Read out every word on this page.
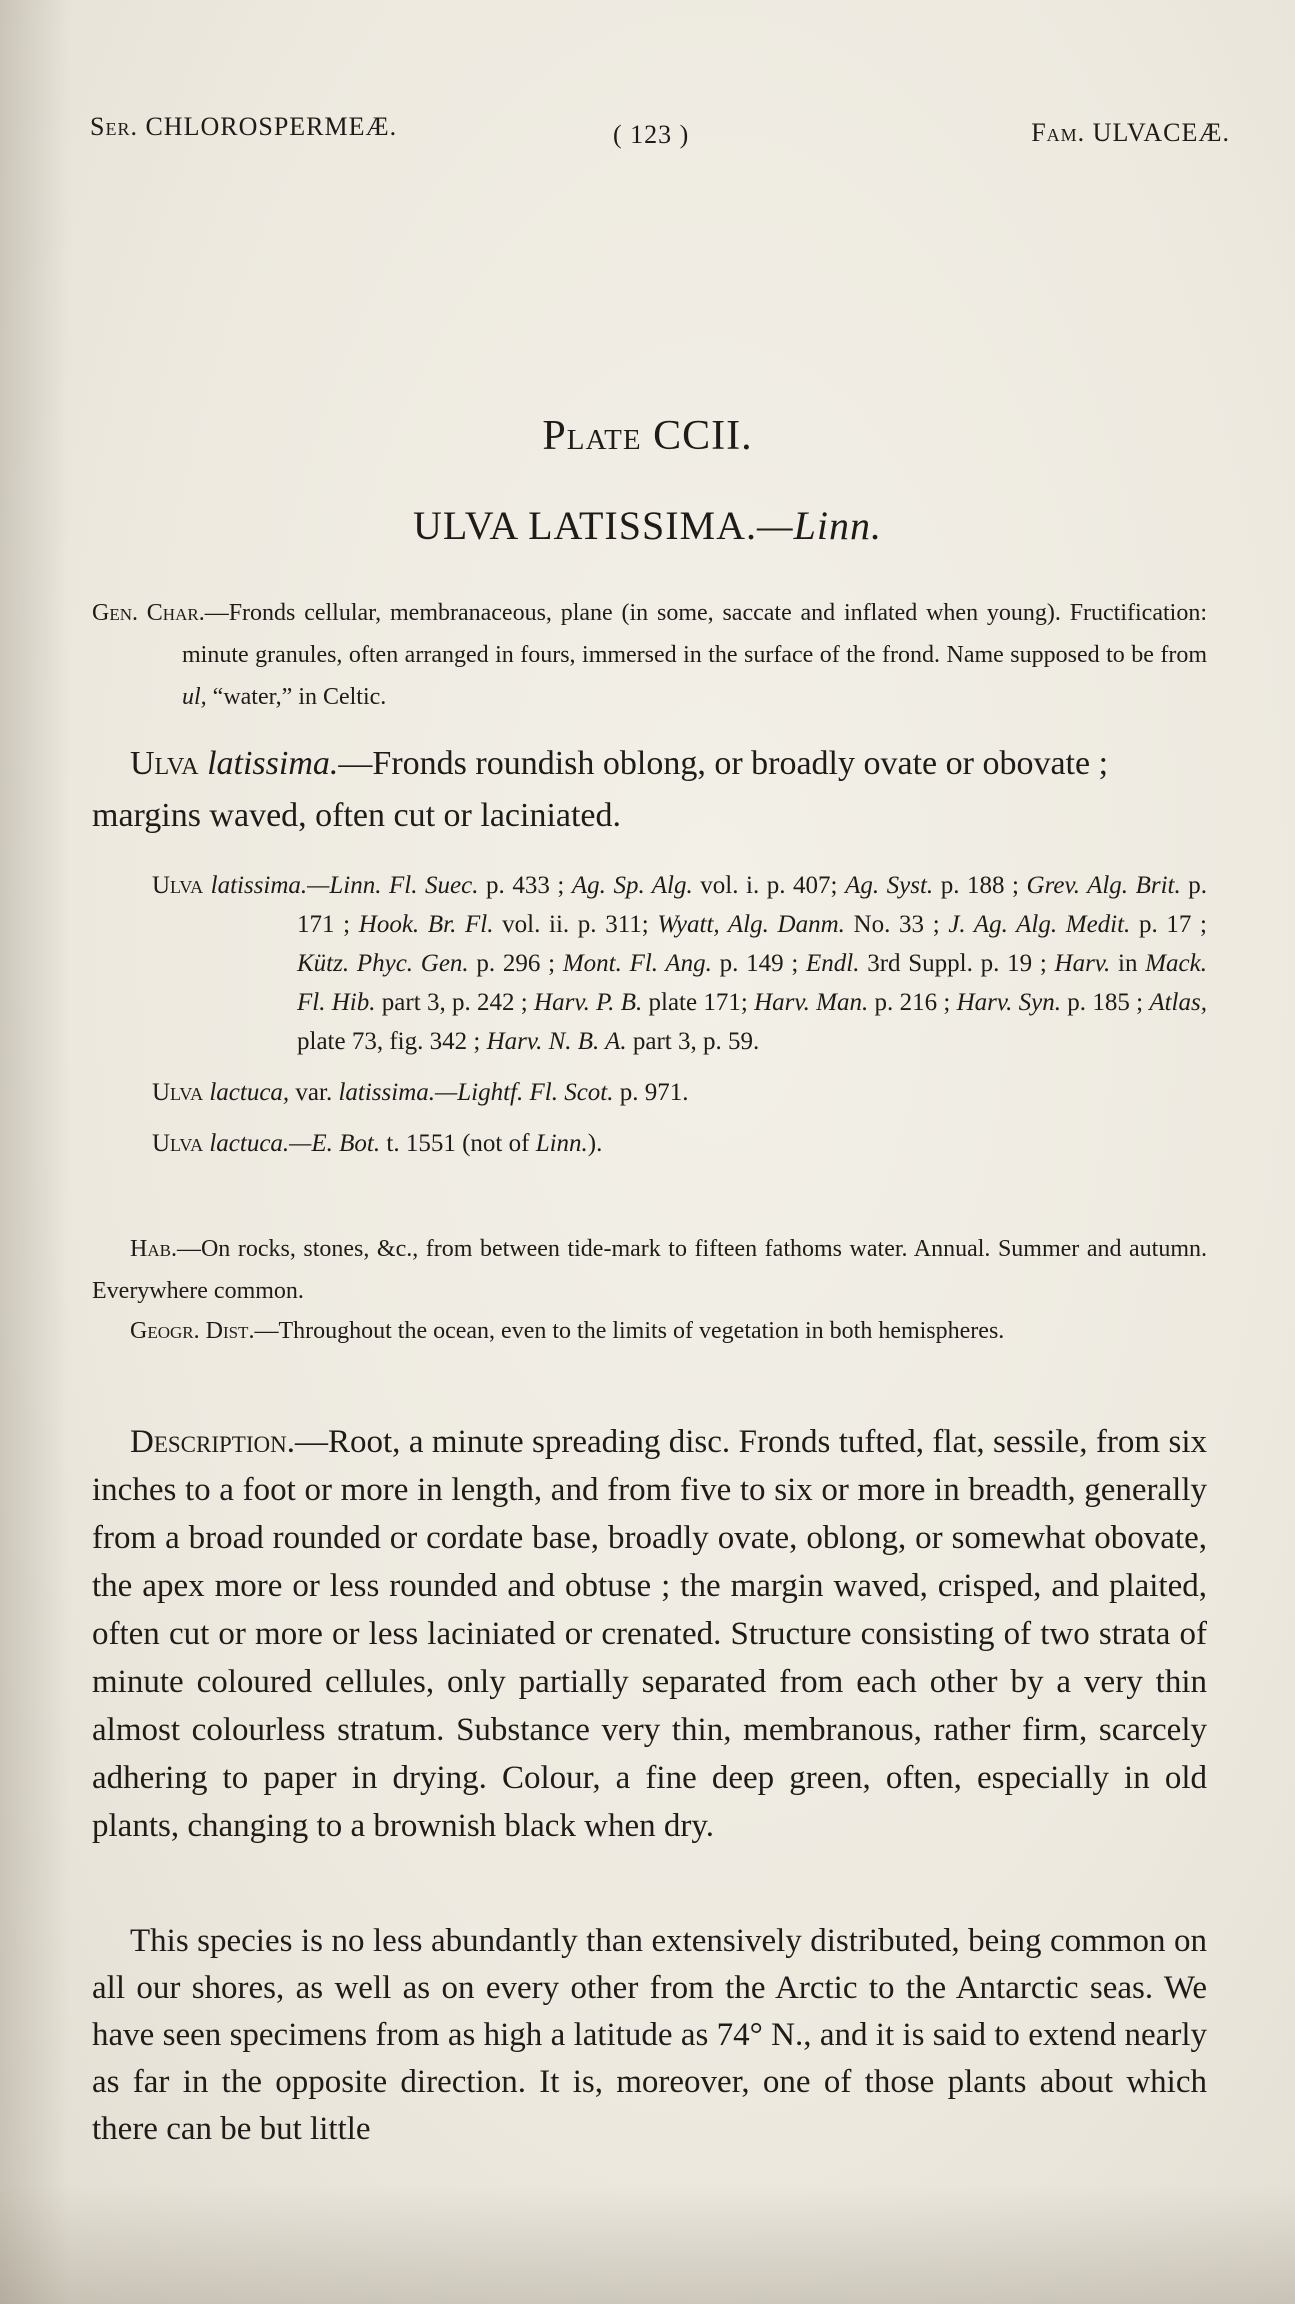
Ser. CHLOROSPERMEÆ.	( 123 )	Fam. ULVACEÆ.
Plate CCII.
ULVA LATISSIMA.—Linn.
Gen. Char.—Fronds cellular, membranaceous, plane (in some, saccate and inflated when young). Fructification: minute granules, often arranged in fours, immersed in the surface of the frond. Name supposed to be from ul, “water,” in Celtic.
Ulva latissima.—Fronds roundish oblong, or broadly ovate or obovate ; margins waved, often cut or laciniated.
Ulva latissima.—Linn. Fl. Suec. p. 433 ; Ag. Sp. Alg. vol. i. p. 407; Ag. Syst. p. 188 ; Grev. Alg. Brit. p. 171 ; Hook. Br. Fl. vol. ii. p. 311; Wyatt, Alg. Danm. No. 33 ; J. Ag. Alg. Medit. p. 17 ; Kütz. Phyc. Gen. p. 296 ; Mont. Fl. Ang. p. 149 ; Endl. 3rd Suppl. p. 19 ; Harv. in Mack. Fl. Hib. part 3, p. 242 ; Harv. P. B. plate 171; Harv. Man. p. 216 ; Harv. Syn. p. 185 ; Atlas, plate 73, fig. 342 ; Harv. N. B. A. part 3, p. 59.
Ulva lactuca, var. latissima.—Lightf. Fl. Scot. p. 971.
Ulva lactuca.—E. Bot. t. 1551 (not of Linn.).
Hab.—On rocks, stones, &c., from between tide-mark to fifteen fathoms water. Annual. Summer and autumn. Everywhere common.
Geogr. Dist.—Throughout the ocean, even to the limits of vegetation in both hemispheres.
Description.—Root, a minute spreading disc. Fronds tufted, flat, sessile, from six inches to a foot or more in length, and from five to six or more in breadth, generally from a broad rounded or cordate base, broadly ovate, oblong, or somewhat obovate, the apex more or less rounded and obtuse ; the margin waved, crisped, and plaited, often cut or more or less laciniated or crenated. Structure consisting of two strata of minute coloured cellules, only partially separated from each other by a very thin almost colourless stratum. Substance very thin, membranous, rather firm, scarcely adhering to paper in drying. Colour, a fine deep green, often, especially in old plants, changing to a brownish black when dry.
This species is no less abundantly than extensively distributed, being common on all our shores, as well as on every other from the Arctic to the Antarctic seas. We have seen specimens from as high a latitude as 74° N., and it is said to extend nearly as far in the opposite direction. It is, moreover, one of those plants about which there can be but little
